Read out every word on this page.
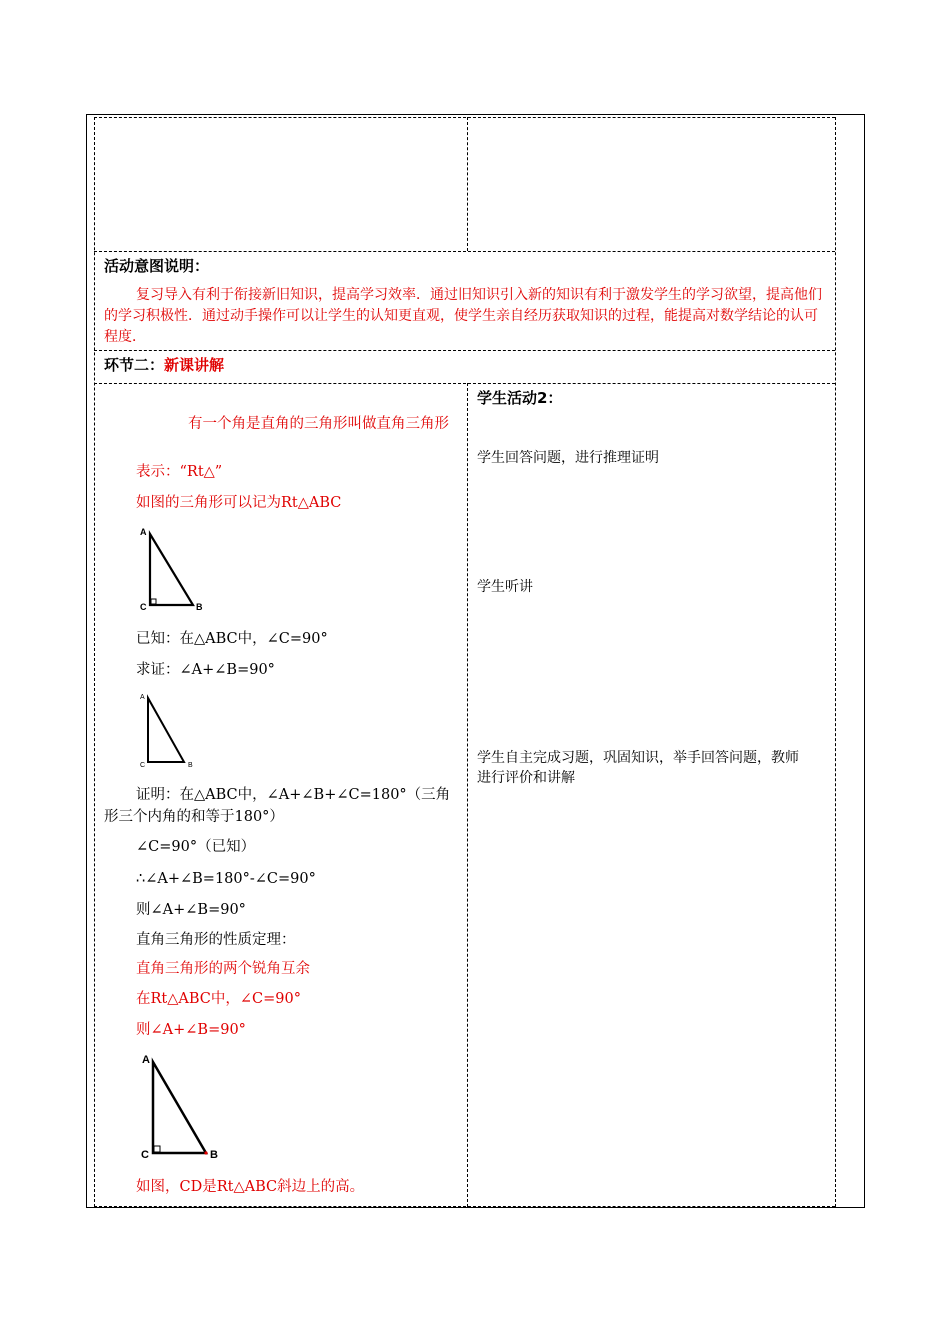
活动意图说明：
复习导入有利于衔接新旧知识，提高学习效率．通过旧知识引入新的知识有利于激发学生的学习欲望，提高他们的学习积极性．通过动手操作可以让学生的认知更直观，使学生亲自经历获取知识的过程，能提高对数学结论的认可程度．
环节二：新课讲解
有一个角是直角的三角形叫做直角三角形
表示：“Rt△”
如图的三角形可以记为Rt△ABC
A
C	B
已知：在△ABC中，∠C=90°
求证：∠A+∠B=90°
A
C	B
证明：在△ABC中，∠A+∠B+∠C=180°（三角形三个内角的和等于180°）
∠C=90°（已知）
∴∠A+∠B=180°-∠C=90°
则∠A+∠B=90°
直角三角形的性质定理：
直角三角形的两个锐角互余
在Rt△ABC中，∠C=90°
则∠A+∠B=90°
A
C	B
如图，CD是Rt△ABC斜边上的高。
学生活动2：
学生回答问题，进行推理证明
学生听讲
学生自主完成习题，巩固知识，举手回答问题，教师进行评价和讲解
